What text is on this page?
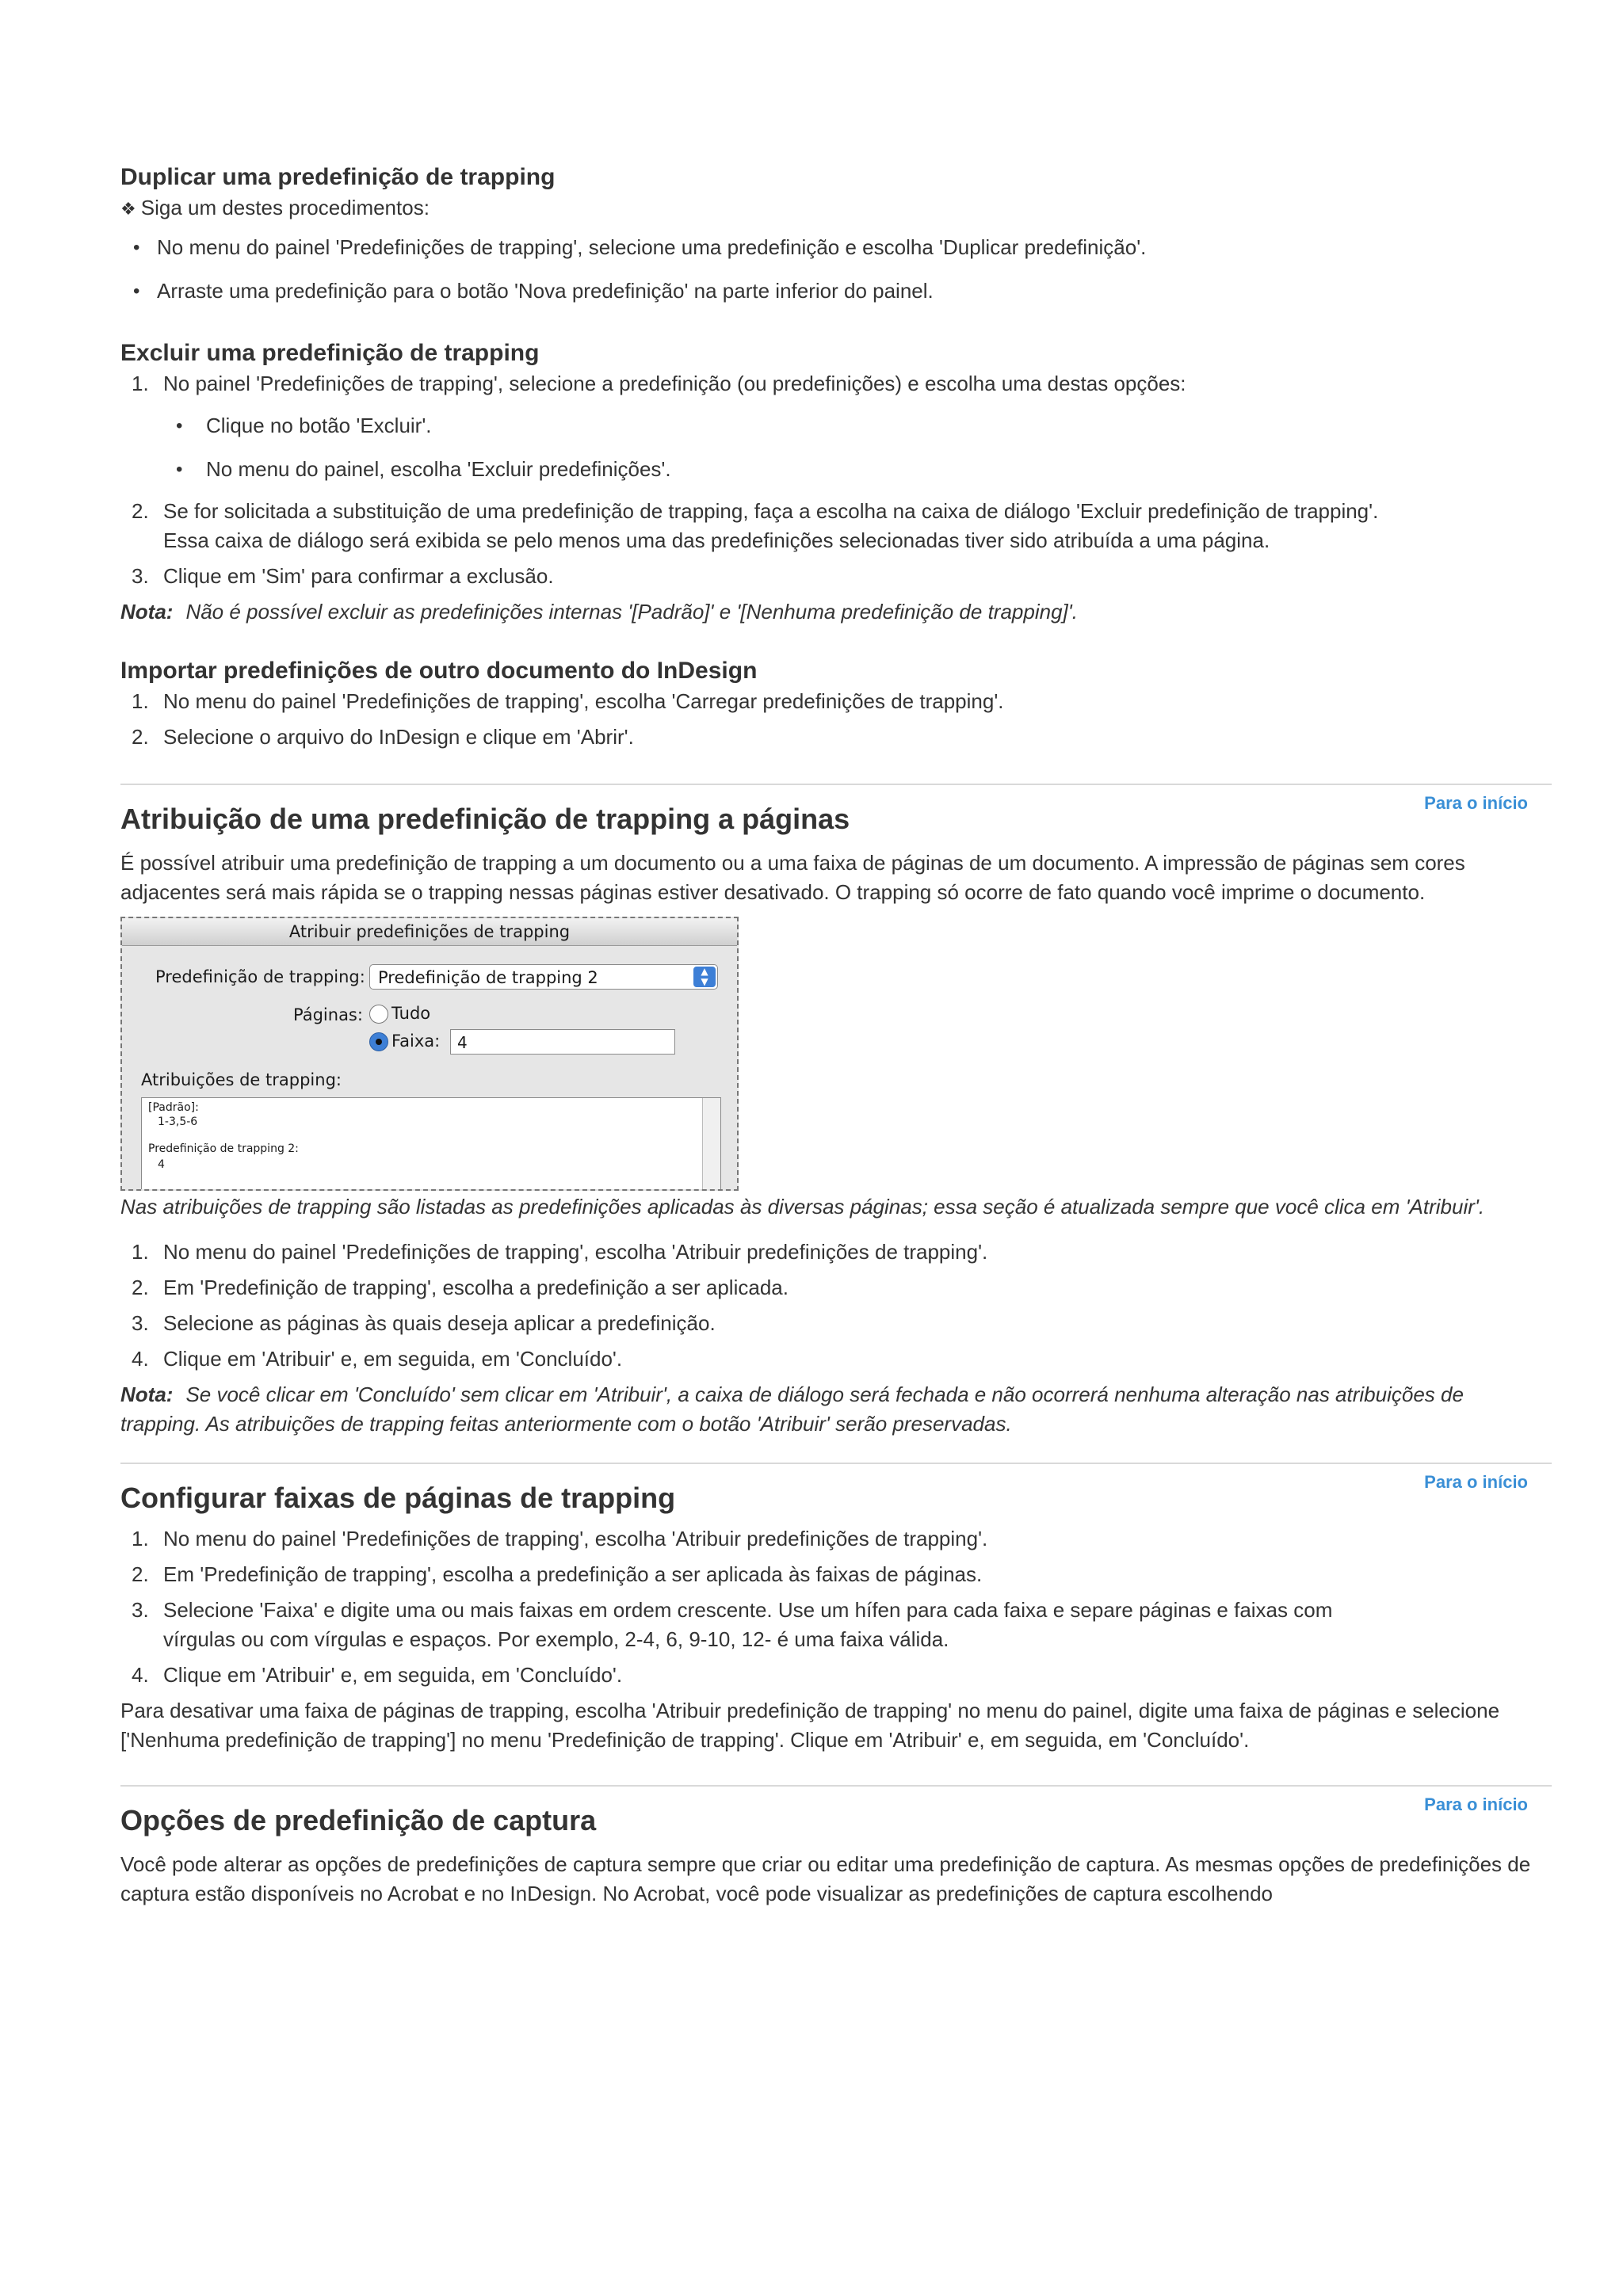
Duplicar uma predefinição de trapping

❖ Siga um destes procedimentos:

• No menu do painel 'Predefinições de trapping', selecione uma predefinição e escolha 'Duplicar predefinição'.
• Arraste uma predefinição para o botão 'Nova predefinição' na parte inferior do painel.
Excluir uma predefinição de trapping
1. No painel 'Predefinições de trapping', selecione a predefinição (ou predefinições) e escolha uma destas opções:
• Clique no botão 'Excluir'.
• No menu do painel, escolha 'Excluir predefinições'.
2. Se for solicitada a substituição de uma predefinição de trapping, faça a escolha na caixa de diálogo 'Excluir predefinição de trapping'. Essa caixa de diálogo será exibida se pelo menos uma das predefinições selecionadas tiver sido atribuída a uma página.
3. Clique em 'Sim' para confirmar a exclusão.

Nota: Não é possível excluir as predefinições internas '[Padrão]' e '[Nenhuma predefinição de trapping]'.

Importar predefinições de outro documento do InDesign
1. No menu do painel 'Predefinições de trapping', escolha 'Carregar predefinições de trapping'.
2. Selecione o arquivo do InDesign e clique em 'Abrir'.
Atribuição de uma predefinição de trapping a páginas	Para o início

É possível atribuir uma predefinição de trapping a um documento ou a uma faixa de páginas de um documento. A impressão de páginas sem cores adjacentes será mais rápida se o trapping nessas páginas estiver desativado. O trapping só ocorre de fato quando você imprime o documento.

Atribuir predefinições de trapping
Predefinição de trapping: Predefinição de trapping 2	▲
▼
Páginas:	Tudo
Faixa:	4
Atribuições de trapping:
[Padrão]:
1-3,5-6
Predefinição de trapping 2:
4

Nas atribuições de trapping são listadas as predefinições aplicadas às diversas páginas; essa seção é atualizada sempre que você clica em 'Atribuir'.

1. No menu do painel 'Predefinições de trapping', escolha 'Atribuir predefinições de trapping'.
2. Em 'Predefinição de trapping', escolha a predefinição a ser aplicada.
3. Selecione as páginas às quais deseja aplicar a predefinição.
4. Clique em 'Atribuir' e, em seguida, em 'Concluído'.

Nota: Se você clicar em 'Concluído' sem clicar em 'Atribuir', a caixa de diálogo será fechada e não ocorrerá nenhuma alteração nas atribuições de trapping. As atribuições de trapping feitas anteriormente com o botão 'Atribuir' serão preservadas.

Configurar faixas de páginas de trapping	Para o início
1. No menu do painel 'Predefinições de trapping', escolha 'Atribuir predefinições de trapping'.
2. Em 'Predefinição de trapping', escolha a predefinição a ser aplicada às faixas de páginas.
3. Selecione 'Faixa' e digite uma ou mais faixas em ordem crescente. Use um hífen para cada faixa e separe páginas e faixas com vírgulas ou com vírgulas e espaços. Por exemplo, 2-4, 6, 9-10, 12- é uma faixa válida.
4. Clique em 'Atribuir' e, em seguida, em 'Concluído'.

Para desativar uma faixa de páginas de trapping, escolha 'Atribuir predefinição de trapping' no menu do painel, digite uma faixa de páginas e selecione ['Nenhuma predefinição de trapping'] no menu 'Predefinição de trapping'. Clique em 'Atribuir' e, em seguida, em 'Concluído'.

Opções de predefinição de captura	Para o início

Você pode alterar as opções de predefinições de captura sempre que criar ou editar uma predefinição de captura. As mesmas opções de predefinições de captura estão disponíveis no Acrobat e no InDesign. No Acrobat, você pode visualizar as predefinições de captura escolhendo
